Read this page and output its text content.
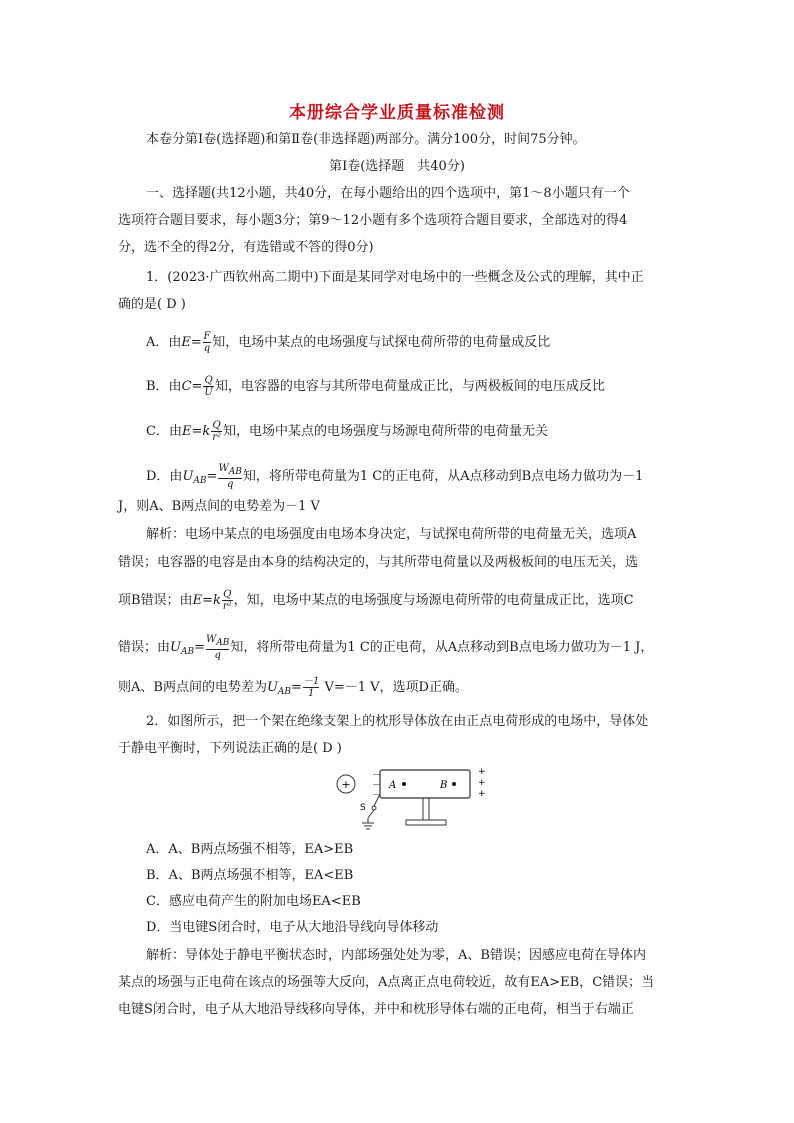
本册综合学业质量标准检测
本卷分第Ⅰ卷(选择题)和第Ⅱ卷(非选择题)两部分。满分100分，时间75分钟。
第Ⅰ卷(选择题　共40分)
一、选择题(共12小题，共40分，在每小题给出的四个选项中，第1～8小题只有一个
选项符合题目要求，每小题3分；第9～12小题有多个选项符合题目要求，全部选对的得4
分，选不全的得2分，有选错或不答的得0分)
1．(2023·广西钦州高二期中)下面是某同学对电场中的一些概念及公式的理解，其中正
确的是( D )
A．由$E= \frac{F}{q}$ 知，电场中某点的电场强度与试探电荷所带的电荷量成反比
B．由$C= \frac{Q}{U}$ 知，电容器的电容与其所带电荷量成正比，与两极板间的电压成反比
C．由$E=k \frac{Q}{\text{r²}}$ 知，电场中某点的电场强度与场源电荷所带的电荷量无关
D．由$U_{AB}= \frac{W_{AB}}{q}$ 知，将所带电荷量为1 C的正电荷，从A点移动到B点电场力做功为－1
J，则A、B两点间的电势差为－1 V
解析：电场中某点的电场强度由电场本身决定，与试探电荷所带的电荷量无关，选项A
错误；电容器的电容是由本身的结构决定的，与其所带电荷量以及两极板间的电压无关，选
项B错误；由$E=k \frac{Q}{\text{r²}}$ ，知，电场中某点的电场强度与场源电荷所带的电荷量成正比，选项C
错误；由$U_{AB}= \frac{W_{AB}}{q}$ 知，将所带电荷量为1 C的正电荷，从A点移动到B点电场力做功为－1 J，
则A、B两点间的电势差为$U_{AB}= \frac{-1}{1} V=-1$ V，选项D正确。
2．如图所示，把一个架在绝缘支架上的枕形导体放在由正点电荷形成的电场中，导体处
于静电平衡时，下列说法正确的是( D )
+
－
－
－
+
+
+
A	B
S
A．A、B两点场强不相等，EA>EB
B．A、B两点场强不相等，EA<EB
C．感应电荷产生的附加电场EA<EB
D．当电键S闭合时，电子从大地沿导线向导体移动
解析：导体处于静电平衡状态时，内部场强处处为零，A、B错误；因感应电荷在导体内
某点的场强与正电荷在该点的场强等大反向，A点离正点电荷较近，故有EA>EB，C错误；当
电键S闭合时，电子从大地沿导线移向导体，并中和枕形导体右端的正电荷，相当于右端正
